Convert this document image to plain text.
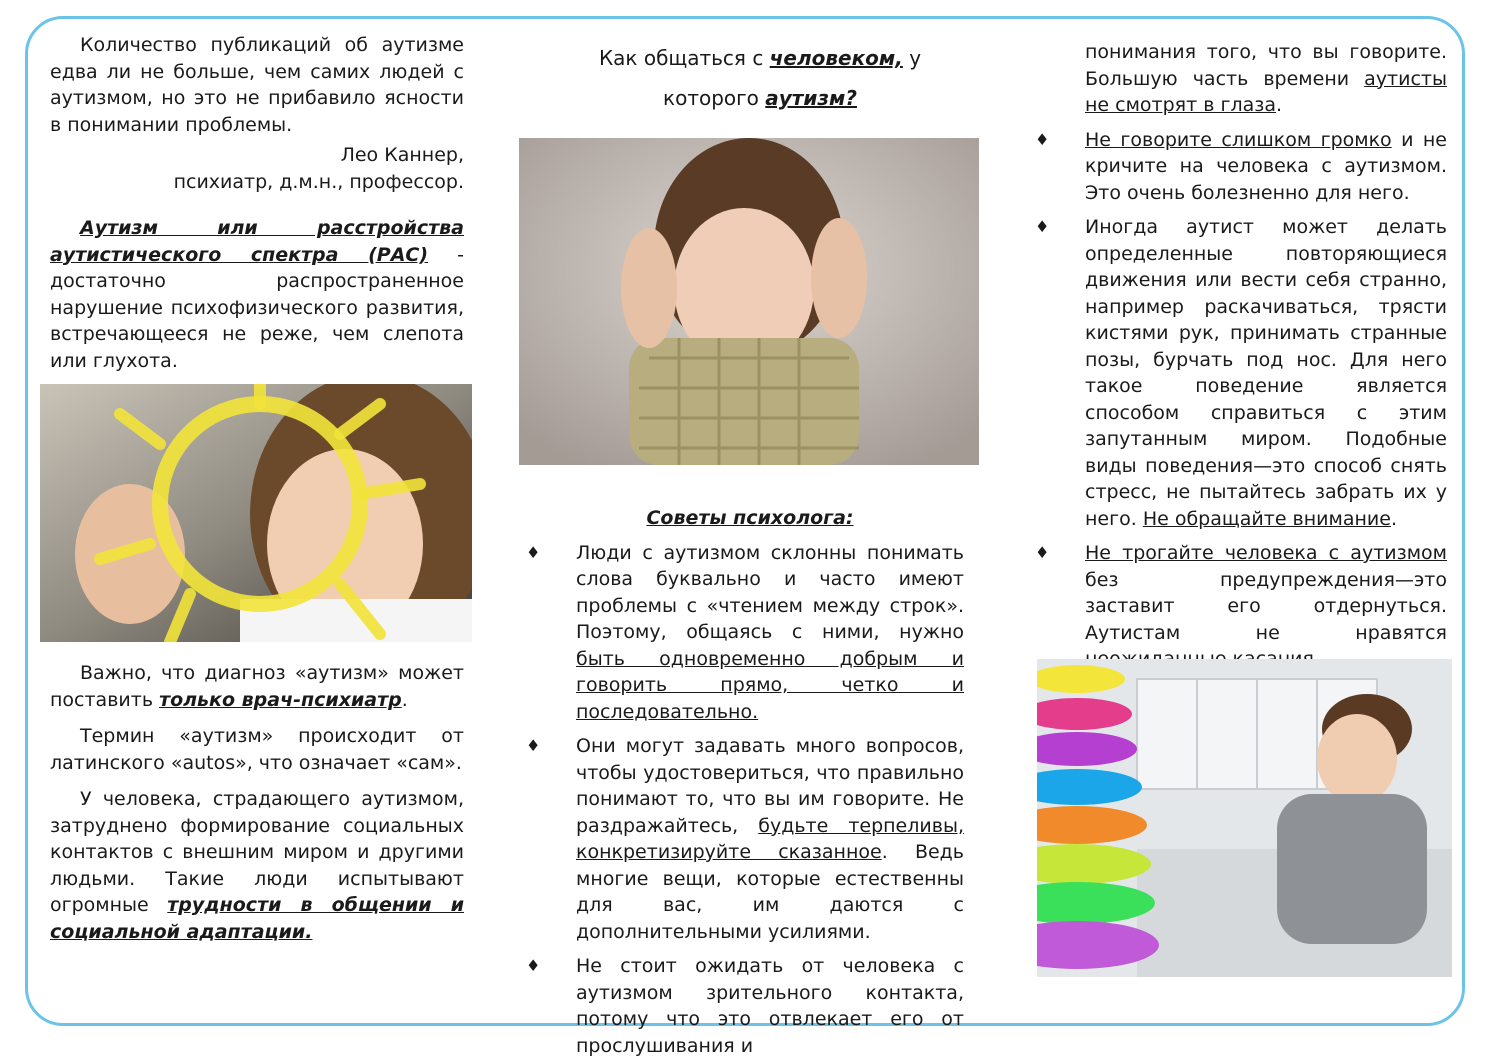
Количество публикаций об аутизме едва ли не больше, чем самих людей с аутизмом, но это не прибавило ясности в понимании проблемы.

Лео Каннер,

психиатр, д.м.н., профессор.

Аутизм или расстройства аутистического спектра (РАС) - достаточно распространенное нарушение психофизического развития, встречающееся не реже, чем слепота или глухота.

Важно, что диагноз «аутизм» может поставить только врач-психиатр.

Термин «аутизм» происходит от латинского «autos», что означает «сам».

У человека, страдающего аутизмом, затруднено формирование социальных контактов с внешним миром и другими людьми. Такие люди испытывают огромные трудности в общении и социальной адаптации.

Как общаться с человеком, у

которого аутизм?

Советы психолога:

♦ Люди с аутизмом склонны понимать слова буквально и часто имеют проблемы с «чтением между строк». Поэтому, общаясь с ними, нужно быть одновременно добрым и говорить прямо, четко и последовательно.

♦ Они могут задавать много вопросов, чтобы удостовериться, что правильно понимают то, что вы им говорите. Не раздражайтесь, будьте терпеливы, конкретизируйте сказанное. Ведь многие вещи, которые естественны для вас, им даются с дополнительными усилиями.

♦ Не стоит ожидать от человека с аутизмом зрительного контакта, потому что это отвлекает его от прослушивания и

понимания того, что вы говорите. Большую часть времени аутисты не смотрят в глаза.

♦ Не говорите слишком громко и не кричите на человека с аутизмом. Это очень болезненно для него.

♦ Иногда аутист может делать определенные повторяющиеся движения или вести себя странно, например раскачиваться, трясти кистями рук, принимать странные позы, бурчать под нос. Для него такое поведение является способом справиться с этим запутанным миром. Подобные виды поведения—это способ снять стресс, не пытайтесь забрать их у него. Не обращайте внимание.

♦ Не трогайте человека с аутизмом без предупреждения—это заставит его отдернуться. Аутистам не нравятся
